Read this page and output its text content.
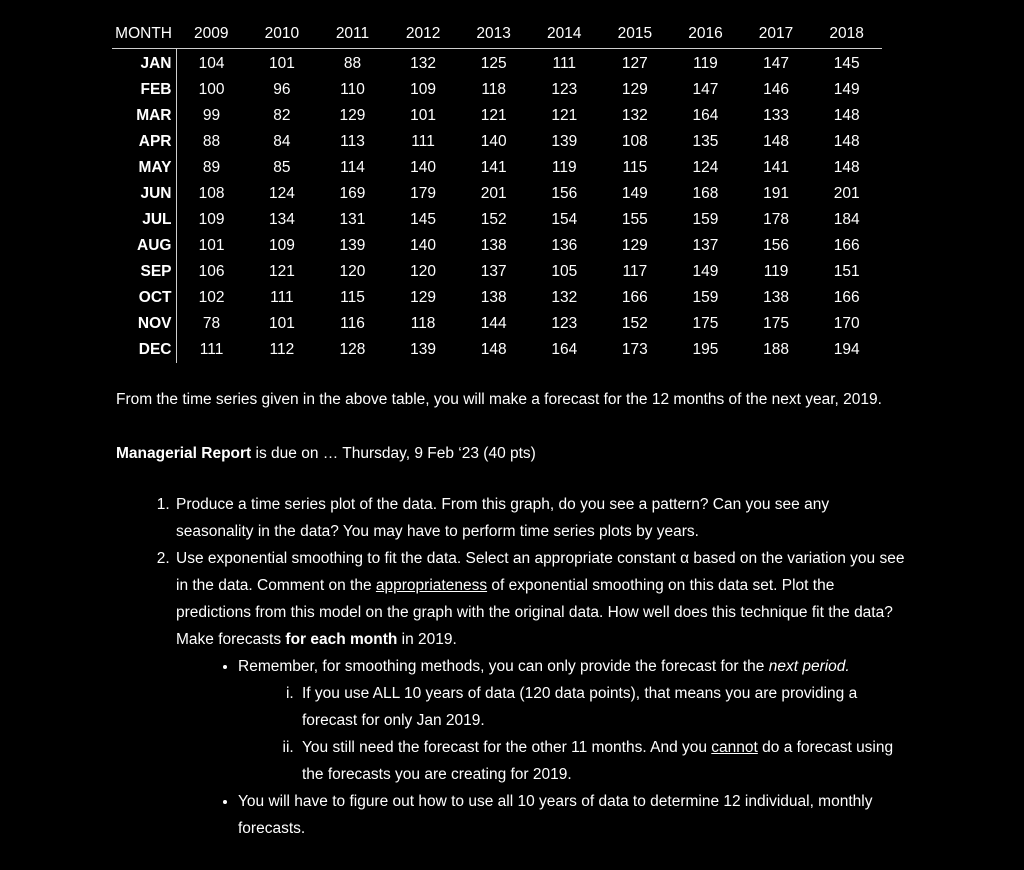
MONTH	2009	2010	2011	2012	2013	2014	2015	2016	2017	2018
JAN	104	101	88	132	125	111	127	119	147	145
FEB	100	96	110	109	118	123	129	147	146	149
MAR	99	82	129	101	121	121	132	164	133	148
APR	88	84	113	111	140	139	108	135	148	148
MAY	89	85	114	140	141	119	115	124	141	148
JUN	108	124	169	179	201	156	149	168	191	201
JUL	109	134	131	145	152	154	155	159	178	184
AUG	101	109	139	140	138	136	129	137	156	166
SEP	106	121	120	120	137	105	117	149	119	151
OCT	102	111	115	129	138	132	166	159	138	166
NOV	78	101	116	118	144	123	152	175	175	170
DEC	111	112	128	139	148	164	173	195	188	194

From the time series given in the above table, you will make a forecast for the 12 months of the next year, 2019.

Managerial Report is due on … Thursday, 9 Feb ‘23 (40 pts)

1. Produce a time series plot of the data. From this graph, do you see a pattern? Can you see any seasonality in the data? You may have to perform time series plots by years.
2. Use exponential smoothing to fit the data. Select an appropriate constant α based on the variation you see in the data. Comment on the appropriateness of exponential smoothing on this data set. Plot the predictions from this model on the graph with the original data. How well does this technique fit the data? Make forecasts for each month in 2019.
• Remember, for smoothing methods, you can only provide the forecast for the next period.
i. If you use ALL 10 years of data (120 data points), that means you are providing a forecast for only Jan 2019.
ii. You still need the forecast for the other 11 months. And you cannot do a forecast using the forecasts you are creating for 2019.
• You will have to figure out how to use all 10 years of data to determine 12 individual, monthly forecasts.
